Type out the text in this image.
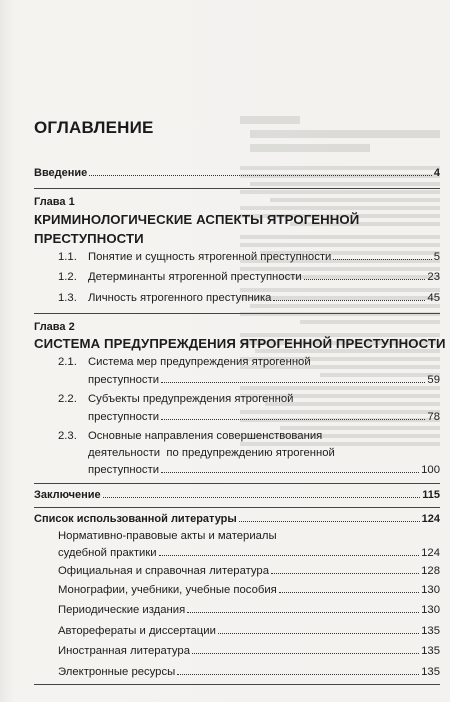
ОГЛАВЛЕНИЕ
Введение	4
Глава 1
КРИМИНОЛОГИЧЕСКИЕ АСПЕКТЫ ЯТРОГЕННОЙ
ПРЕСТУПНОСТИ
1.1. Понятие и сущность ятрогенной преступности	5
1.2. Детерминанты ятрогенной преступности	23
1.3. Личность ятрогенного преступника	45
Глава 2
СИСТЕМА ПРЕДУПРЕЖДЕНИЯ ЯТРОГЕННОЙ ПРЕСТУПНОСТИ
2.1. Система мер предупреждения ятрогенной
преступности	59
2.2. Субъекты предупреждения ятрогенной
преступности	78
2.3. Основные направления совершенствования
деятельности  по предупреждению ятрогенной
преступности	100
Заключение	115
Список использованной литературы	124
Нормативно-правовые акты и материалы
судебной практики	124
Официальная и справочная литература	128
Монографии, учебники, учебные пособия	130
Периодические издания	130
Авторефераты и диссертации	135
Иностранная литература	135
Электронные ресурсы	135
